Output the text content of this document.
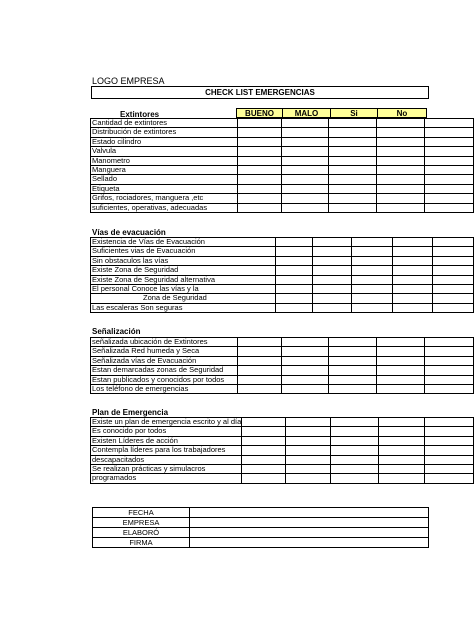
LOGO EMPRESA
CHECK LIST EMERGENCIAS
Extintores	BUENO	MALO	Si	No
Cantidad de extintores					
Distribución de extintores					
Estado cilindro					
Valvula					
Manometro					
Manguera					
Sellado					
Etiqueta					
Grifos, rociadores, manguera ,etc					
suficientes, operativas, adecuadas					
Vías de evacuación
Existencia de Vías de Evacuación					
Suficientes vias de Evacuación					
Sin obstaculos las vías					
Existe Zona de Seguridad					
Existe Zona de Seguridad alternativa					
El personal Conoce las vías y la					
Zona de Seguridad					
Las escaleras Son seguras					
Señalización
señalizada ubicación de Extintores					
Señalizada Red humeda y Seca					
Señalizada vías de Evacuación					
Estan demarcadas zonas de Seguridad					
Estan publicados y conocidos por todos					
Los teléfono de emergencias					
Plan de Emergencia
Existe un plan de emergencia escrito y al día					
Es conocido por todos					
Existen Líderes de acción					
Contempla líderes para los trabajadores					
descapacitados					
Se realizan prácticas y simulacros					
programados					
FECHA	
EMPRESA	
ELABORÓ	
FIRMA	
